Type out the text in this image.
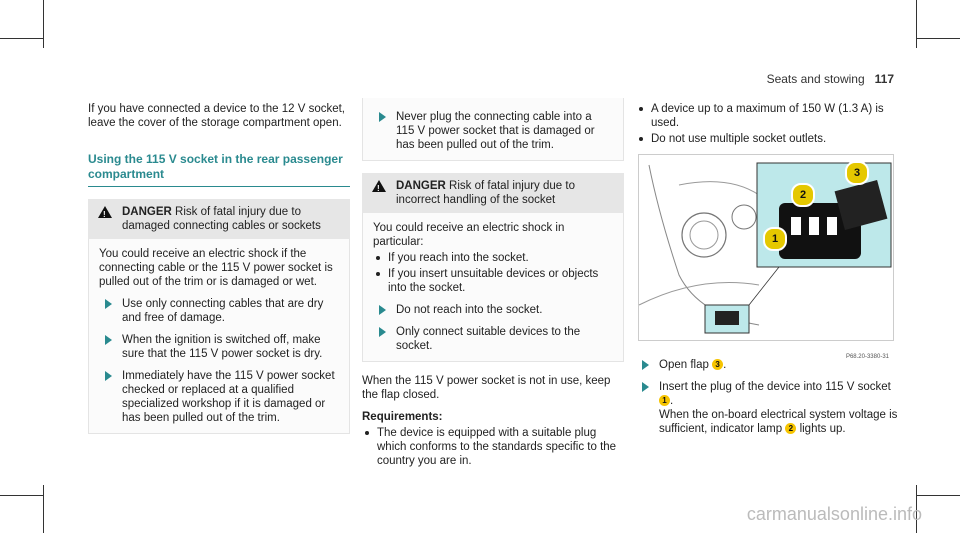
Seats and stowing 117

If you have connected a device to the 12 V socket, leave the cover of the storage compartment open.

Using the 115 V socket in the rear passenger compartment
!
DANGER Risk of fatal injury due to damaged connecting cables or sockets

You could receive an electric shock if the connecting cable or the 115 V power socket is pulled out of the trim or is damaged or wet.

Use only connecting cables that are dry and free of damage.
When the ignition is switched off, make sure that the 115 V power socket is dry.
Immediately have the 115 V power socket checked or replaced at a qualified specialized workshop if it is damaged or has been pulled out of the trim.
Never plug the connecting cable into a 115 V power socket that is damaged or has been pulled out of the trim.
!
DANGER Risk of fatal injury due to incorrect handling of the socket

You could receive an electric shock in particular:

If you reach into the socket.
If you insert unsuitable devices or objects into the socket.
Do not reach into the socket.
Only connect suitable devices to the socket.

When the 115 V power socket is not in use, keep the flap closed.

Requirements:

The device is equipped with a suitable plug which conforms to the standards specific to the country you are in.
A device up to a maximum of 150 W (1.3 A) is used.
Do not use multiple socket outlets.
1
2
3
P68.20-3380-31
Open flap 3 .
Insert the plug of the device into 115 V socket 1 .
When the on-board electrical system voltage is sufficient, indicator lamp 2 lights up.
carmanualsonline.info
